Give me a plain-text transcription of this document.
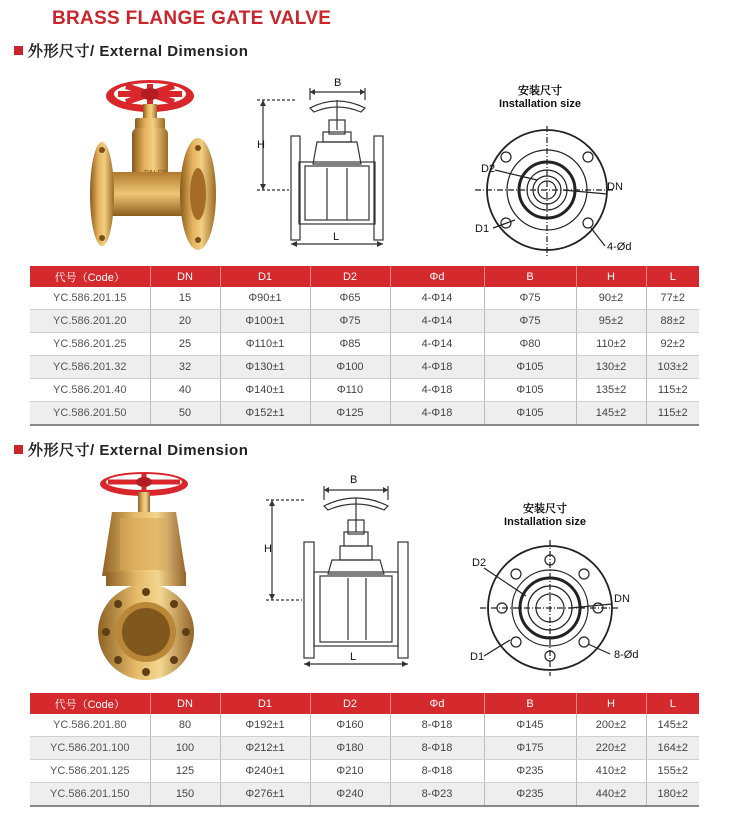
BRASS FLANGE GATE VALVE
外形尺寸/ External Dimension
B
H
L
安装尺寸
Installation size
D2
D1
DN
4-Ød
代号（Code）	DN	D1	D2	Φd	B	H	L
YC.586.201.15	15	Φ90±1	Φ65	4-Φ14	Φ75	90±2	77±2
YC.586.201.20	20	Φ100±1	Φ75	4-Φ14	Φ75	95±2	88±2
YC.586.201.25	25	Φ110±1	Φ85	4-Φ14	Φ80	110±2	92±2
YC.586.201.32	32	Φ130±1	Φ100	4-Φ18	Φ105	130±2	103±2
YC.586.201.40	40	Φ140±1	Φ110	4-Φ18	Φ105	135±2	115±2
YC.586.201.50	50	Φ152±1	Φ125	4-Φ18	Φ105	145±2	115±2
外形尺寸/ External Dimension
B
H
L
安装尺寸
Installation size
D2
D1
DN
8-Ød
代号（Code）	DN	D1	D2	Φd	B	H	L
YC.586.201.80	80	Φ192±1	Φ160	8-Φ18	Φ145	200±2	145±2
YC.586.201.100	100	Φ212±1	Φ180	8-Φ18	Φ175	220±2	164±2
YC.586.201.125	125	Φ240±1	Φ210	8-Φ18	Φ235	410±2	155±2
YC.586.201.150	150	Φ276±1	Φ240	8-Φ23	Φ235	440±2	180±2
